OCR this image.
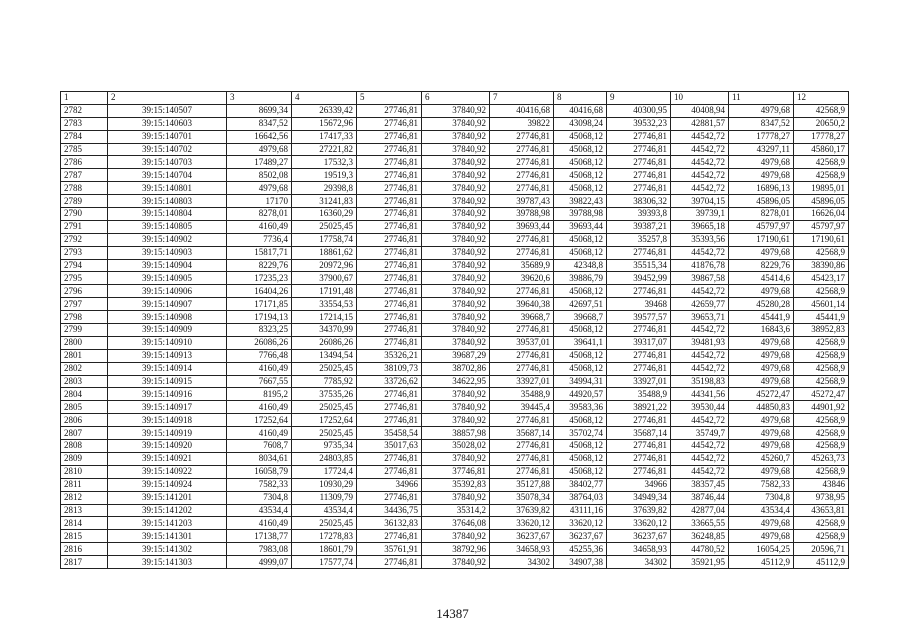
1	2	3	4	5	6	7	8	9	10	11	12
2782	39:15:140507	8699,34	26339,42	27746,81	37840,92	40416,68	40416,68	40300,95	40408,94	4979,68	42568,9
2783	39:15:140603	8347,52	15672,96	27746,81	37840,92	39822	43098,24	39532,23	42881,57	8347,52	20650,2
2784	39:15:140701	16642,56	17417,33	27746,81	37840,92	27746,81	45068,12	27746,81	44542,72	17778,27	17778,27
2785	39:15:140702	4979,68	27221,82	27746,81	37840,92	27746,81	45068,12	27746,81	44542,72	43297,11	45860,17
2786	39:15:140703	17489,27	17532,3	27746,81	37840,92	27746,81	45068,12	27746,81	44542,72	4979,68	42568,9
2787	39:15:140704	8502,08	19519,3	27746,81	37840,92	27746,81	45068,12	27746,81	44542,72	4979,68	42568,9
2788	39:15:140801	4979,68	29398,8	27746,81	37840,92	27746,81	45068,12	27746,81	44542,72	16896,13	19895,01
2789	39:15:140803	17170	31241,83	27746,81	37840,92	39787,43	39822,43	38306,32	39704,15	45896,05	45896,05
2790	39:15:140804	8278,01	16360,29	27746,81	37840,92	39788,98	39788,98	39393,8	39739,1	8278,01	16626,04
2791	39:15:140805	4160,49	25025,45	27746,81	37840,92	39693,44	39693,44	39387,21	39665,18	45797,97	45797,97
2792	39:15:140902	7736,4	17758,74	27746,81	37840,92	27746,81	45068,12	35257,8	35393,56	17190,61	17190,61
2793	39:15:140903	15817,71	18861,62	27746,81	37840,92	27746,81	45068,12	27746,81	44542,72	4979,68	42568,9
2794	39:15:140904	8229,76	20972,96	27746,81	37840,92	35689,9	42348,8	35515,34	41876,78	8229,76	38390,86
2795	39:15:140905	17235,23	37900,67	27746,81	37840,92	39620,6	39886,79	39452,99	39867,58	45414,6	45423,17
2796	39:15:140906	16404,26	17191,48	27746,81	37840,92	27746,81	45068,12	27746,81	44542,72	4979,68	42568,9
2797	39:15:140907	17171,85	33554,53	27746,81	37840,92	39640,38	42697,51	39468	42659,77	45280,28	45601,14
2798	39:15:140908	17194,13	17214,15	27746,81	37840,92	39668,7	39668,7	39577,57	39653,71	45441,9	45441,9
2799	39:15:140909	8323,25	34370,99	27746,81	37840,92	27746,81	45068,12	27746,81	44542,72	16843,6	38952,83
2800	39:15:140910	26086,26	26086,26	27746,81	37840,92	39537,01	39641,1	39317,07	39481,93	4979,68	42568,9
2801	39:15:140913	7766,48	13494,54	35326,21	39687,29	27746,81	45068,12	27746,81	44542,72	4979,68	42568,9
2802	39:15:140914	4160,49	25025,45	38109,73	38702,86	27746,81	45068,12	27746,81	44542,72	4979,68	42568,9
2803	39:15:140915	7667,55	7785,92	33726,62	34622,95	33927,01	34994,31	33927,01	35198,83	4979,68	42568,9
2804	39:15:140916	8195,2	37535,26	27746,81	37840,92	35488,9	44920,57	35488,9	44341,56	45272,47	45272,47
2805	39:15:140917	4160,49	25025,45	27746,81	37840,92	39445,4	39583,36	38921,22	39530,44	44850,83	44901,92
2806	39:15:140918	17252,64	17252,64	27746,81	37840,92	27746,81	45068,12	27746,81	44542,72	4979,68	42568,9
2807	39:15:140919	4160,49	25025,45	35458,54	38857,98	35687,14	35702,74	35687,14	35749,7	4979,68	42568,9
2808	39:15:140920	7608,7	9735,34	35017,63	35028,02	27746,81	45068,12	27746,81	44542,72	4979,68	42568,9
2809	39:15:140921	8034,61	24803,85	27746,81	37840,92	27746,81	45068,12	27746,81	44542,72	45260,7	45263,73
2810	39:15:140922	16058,79	17724,4	27746,81	37746,81	27746,81	45068,12	27746,81	44542,72	4979,68	42568,9
2811	39:15:140924	7582,33	10930,29	34966	35392,83	35127,88	38402,77	34966	38357,45	7582,33	43846
2812	39:15:141201	7304,8	11309,79	27746,81	37840,92	35078,34	38764,03	34949,34	38746,44	7304,8	9738,95
2813	39:15:141202	43534,4	43534,4	34436,75	35314,2	37639,82	43111,16	37639,82	42877,04	43534,4	43653,81
2814	39:15:141203	4160,49	25025,45	36132,83	37646,08	33620,12	33620,12	33620,12	33665,55	4979,68	42568,9
2815	39:15:141301	17138,77	17278,83	27746,81	37840,92	36237,67	36237,67	36237,67	36248,85	4979,68	42568,9
2816	39:15:141302	7983,08	18601,79	35761,91	38792,96	34658,93	45255,36	34658,93	44780,52	16054,25	20596,71
2817	39:15:141303	4999,07	17577,74	27746,81	37840,92	34302	34907,38	34302	35921,95	45112,9	45112,9
14387
